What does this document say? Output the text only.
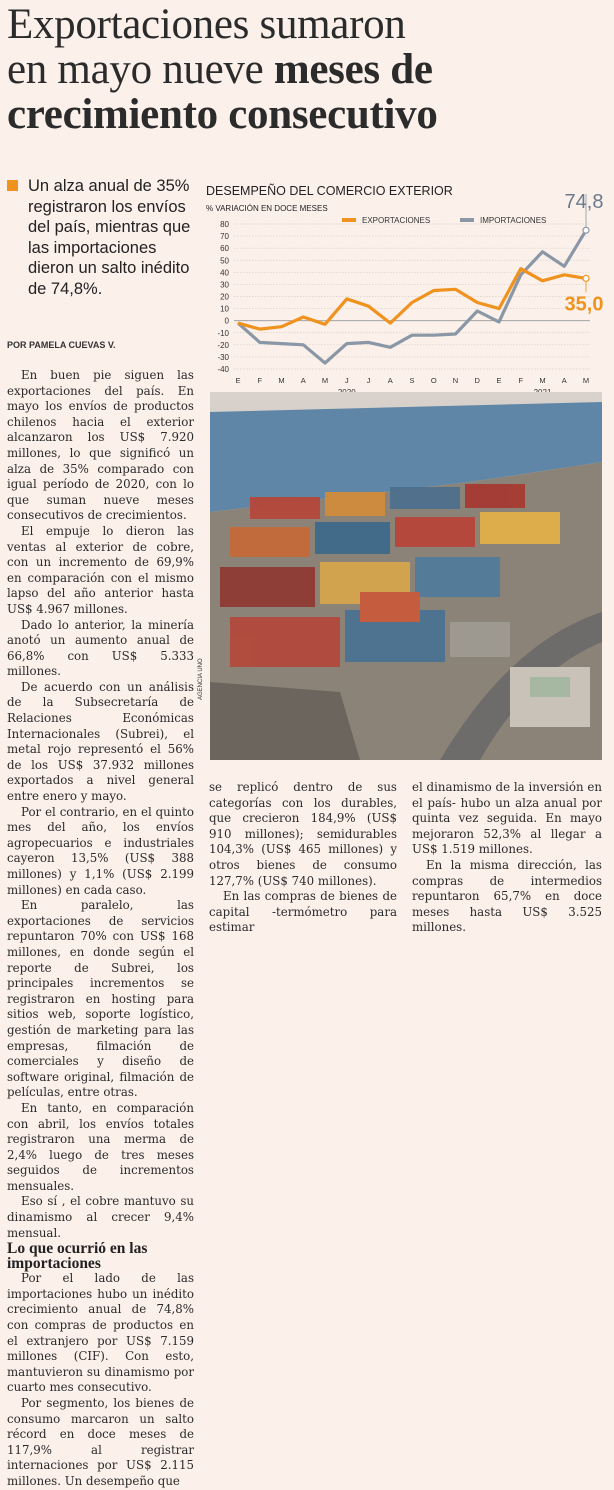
Exportaciones sumaron
en mayo nueve meses de
crecimiento consecutivo

Un alza anual de 35% registraron los envíos del país, mientras que las importaciones dieron un salto inédito de 74,8%.

POR PAMELA CUEVAS V.

En buen pie siguen las exportaciones del país. En mayo los envíos de productos chilenos hacia el exterior alcanzaron los US$ 7.920 millones, lo que significó un alza de 35% comparado con igual período de 2020, con lo que suman nueve meses consecutivos de crecimientos.

El empuje lo dieron las ventas al exterior de cobre, con un incremento de 69,9% en comparación con el mismo lapso del año anterior hasta US$ 4.967 millones.

Dado lo anterior, la minería anotó un aumento anual de 66,8% con US$ 5.333 millones.

De acuerdo con un análisis de la Subsecretaría de Relaciones Económicas Internacionales (Subrei), el metal rojo representó el 56% de los US$ 37.932 millones exportados a nivel general entre enero y mayo.

Por el contrario, en el quinto mes del año, los envíos agropecuarios e industriales cayeron 13,5% (US$ 388 millones) y 1,1% (US$ 2.199 millones) en cada caso.

En paralelo, las exportaciones de servicios repuntaron 70% con US$ 168 millones, en donde según el reporte de Subrei, los principales incrementos se registraron en hosting para sitios web, soporte logístico, gestión de marketing para las empresas, filmación de comerciales y diseño de software original, filmación de películas, entre otras.

En tanto, en comparación con abril, los envíos totales registraron una merma de 2,4% luego de tres meses seguidos de incrementos mensuales.

Eso sí , el cobre mantuvo su dinamismo al crecer 9,4% mensual.

Lo que ocurrió en las importaciones

Por el lado de las importaciones hubo un inédito crecimiento anual de 74,8% con compras de productos en el extranjero por US$ 7.159 millones (CIF). Con esto, mantuvieron su dinamismo por cuarto mes consecutivo.

Por segmento, los bienes de consumo marcaron un salto récord en doce meses de 117,9% al registrar internaciones por US$ 2.115 millones. Un desempeño que

se replicó dentro de sus categorías con los durables, que crecieron 184,9% (US$ 910 millones); semidurables 104,3% (US$ 465 millones) y otros bienes de consumo 127,7% (US$ 740 millones).

En las compras de bienes de capital -termómetro para estimar

el dinamismo de la inversión en el país- hubo un alza anual por quinta vez seguida. En mayo mejoraron 52,3% al llegar a US$ 1.519 millones.

En la misma dirección, las compras de intermedios repuntaron 65,7% en doce meses hasta US$ 3.525 millones.

DESEMPEÑO DEL COMERCIO EXTERIOR
% VARIACIÓN EN DOCE MESES
EXPORTACIONES	IMPORTACIONES
80
70
60
50
40
30
20
10
0
-10
-20
-30
-40
E F M A M J J A S O N D E F M A M
74,8
35,0
AGENCIA UNO
